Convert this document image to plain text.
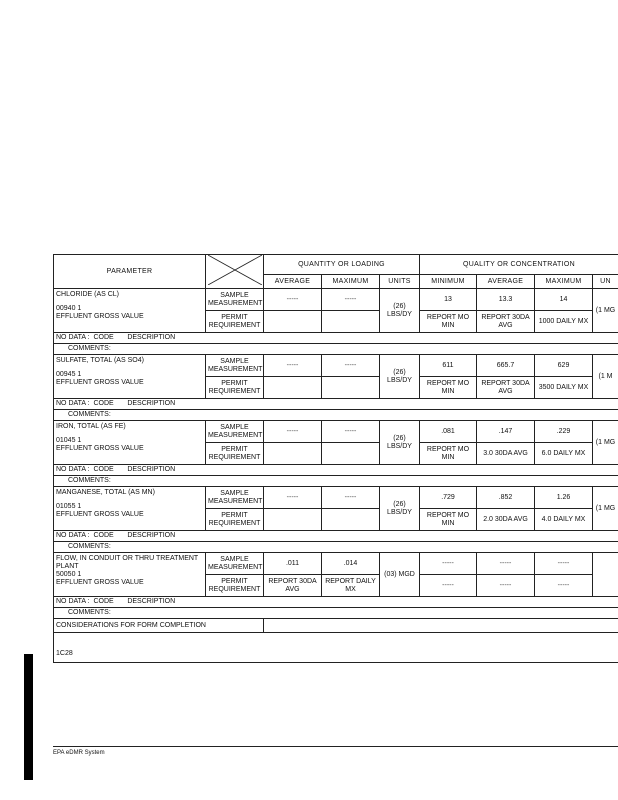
PARAMETER		QUANTITY OR LOADING			QUALITY OR CONCENTRATION			
		AVERAGE	MAXIMUM	UNITS	MINIMUM	AVERAGE	MAXIMUM	UN

CHLORIDE (AS CL)
00940 1
EFFLUENT GROSS VALUE	SAMPLE MEASUREMENT	-----	-----	(26) LBS/DY	13	13.3	14	(1 MG
	PERMIT REQUIREMENT				REPORT MO MIN	REPORT 30DA AVG	1000 DAILY MX	
NO DATA : CODE DESCRIPTION								
COMMENTS:								

SULFATE, TOTAL (AS SO4)
00945 1
EFFLUENT GROSS VALUE	SAMPLE MEASUREMENT	-----	-----	(26) LBS/DY	611	665.7	629	(1 M
	PERMIT REQUIREMENT				REPORT MO MIN	REPORT 30DA AVG	3500 DAILY MX	
NO DATA : CODE DESCRIPTION								
COMMENTS:								

IRON, TOTAL (AS FE)
01045 1
EFFLUENT GROSS VALUE	SAMPLE MEASUREMENT	-----	-----	(26) LBS/DY	.081	.147	.229	(1 MG
	PERMIT REQUIREMENT				REPORT MO MIN	3.0 30DA AVG	6.0 DAILY MX	
NO DATA : CODE DESCRIPTION								
COMMENTS:								

MANGANESE, TOTAL (AS MN)
01055 1
EFFLUENT GROSS VALUE	SAMPLE MEASUREMENT	-----	-----	(26) LBS/DY	.729	.852	1.26	(1 MG
	PERMIT REQUIREMENT				REPORT MO MIN	2.0 30DA AVG	4.0 DAILY MX	
NO DATA : CODE DESCRIPTION								
COMMENTS:								

FLOW, IN CONDUIT OR THRU TREATMENT PLANT
50050 1
EFFLUENT GROSS VALUE	SAMPLE MEASUREMENT	.011	.014	(03) MGD	-----	-----	-----	
	PERMIT REQUIREMENT	REPORT 30DA AVG	REPORT DAILY MX		-----	-----	-----	
NO DATA : CODE DESCRIPTION								
COMMENTS:								
CONSIDERATIONS FOR FORM COMPLETION								
1C28								
EPA eDMR System
